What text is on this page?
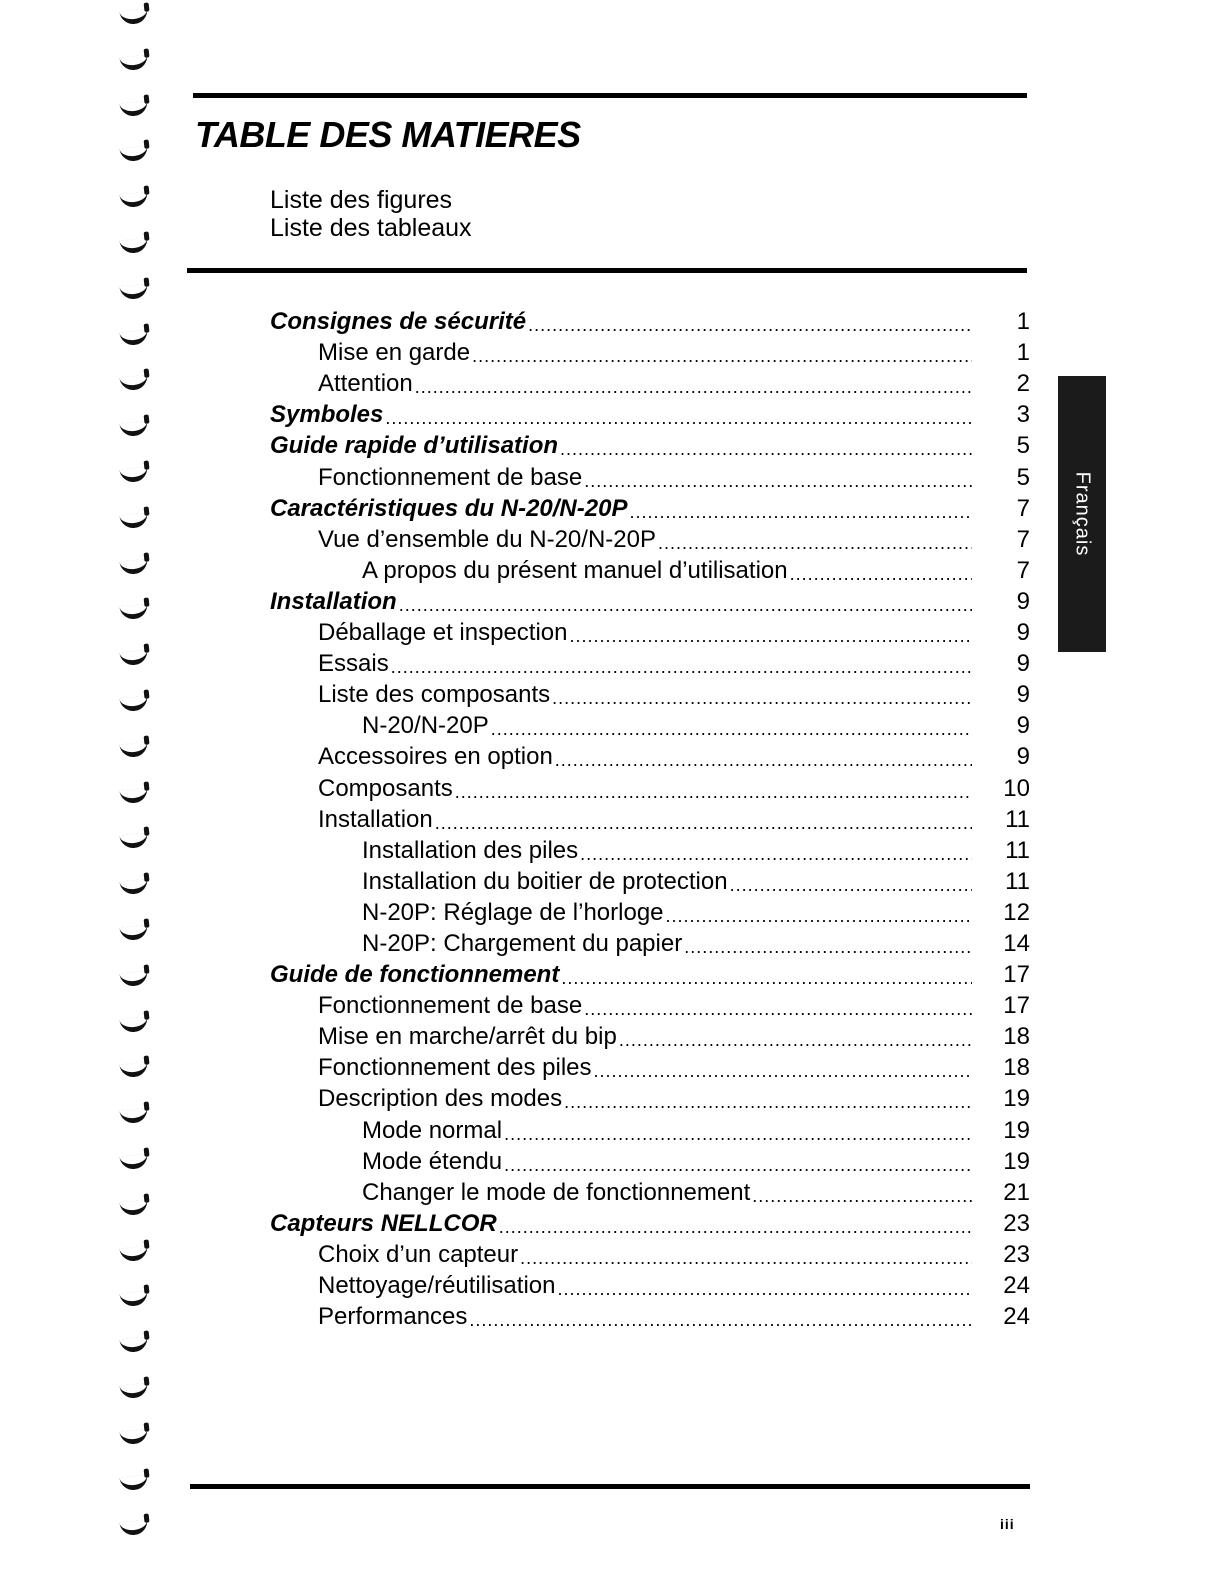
TABLE DES MATIERES
Liste des figures
Liste des tableaux
Consignes de sécurité .....	1
Mise en garde .....	1
Attention .....	2
Symboles .....	3
Guide rapide d’utilisation .....	5
Fonctionnement de base .....	5
Caractéristiques du N-20/N-20P .....	7
Vue d’ensemble du N-20/N-20P .....	7
A propos du présent manuel d’utilisation .....	7
Installation .....	9
Déballage et inspection .....	9
Essais .....	9
Liste des composants .....	9
N-20/N-20P .....	9
Accessoires en option .....	9
Composants .....	10
Installation .....	11
Installation des piles .....	11
Installation du boitier de protection .....	11
N-20P: Réglage de l’horloge .....	12
N-20P: Chargement du papier .....	14
Guide de fonctionnement .....	17
Fonctionnement de base .....	17
Mise en marche/arrêt du bip .....	18
Fonctionnement des piles .....	18
Description des modes .....	19
Mode normal .....	19
Mode étendu .....	19
Changer le mode de fonctionnement .....	21
Capteurs NELLCOR .....	23
Choix d’un capteur .....	23
Nettoyage/réutilisation .....	24
Performances .....	24
Français
iii
